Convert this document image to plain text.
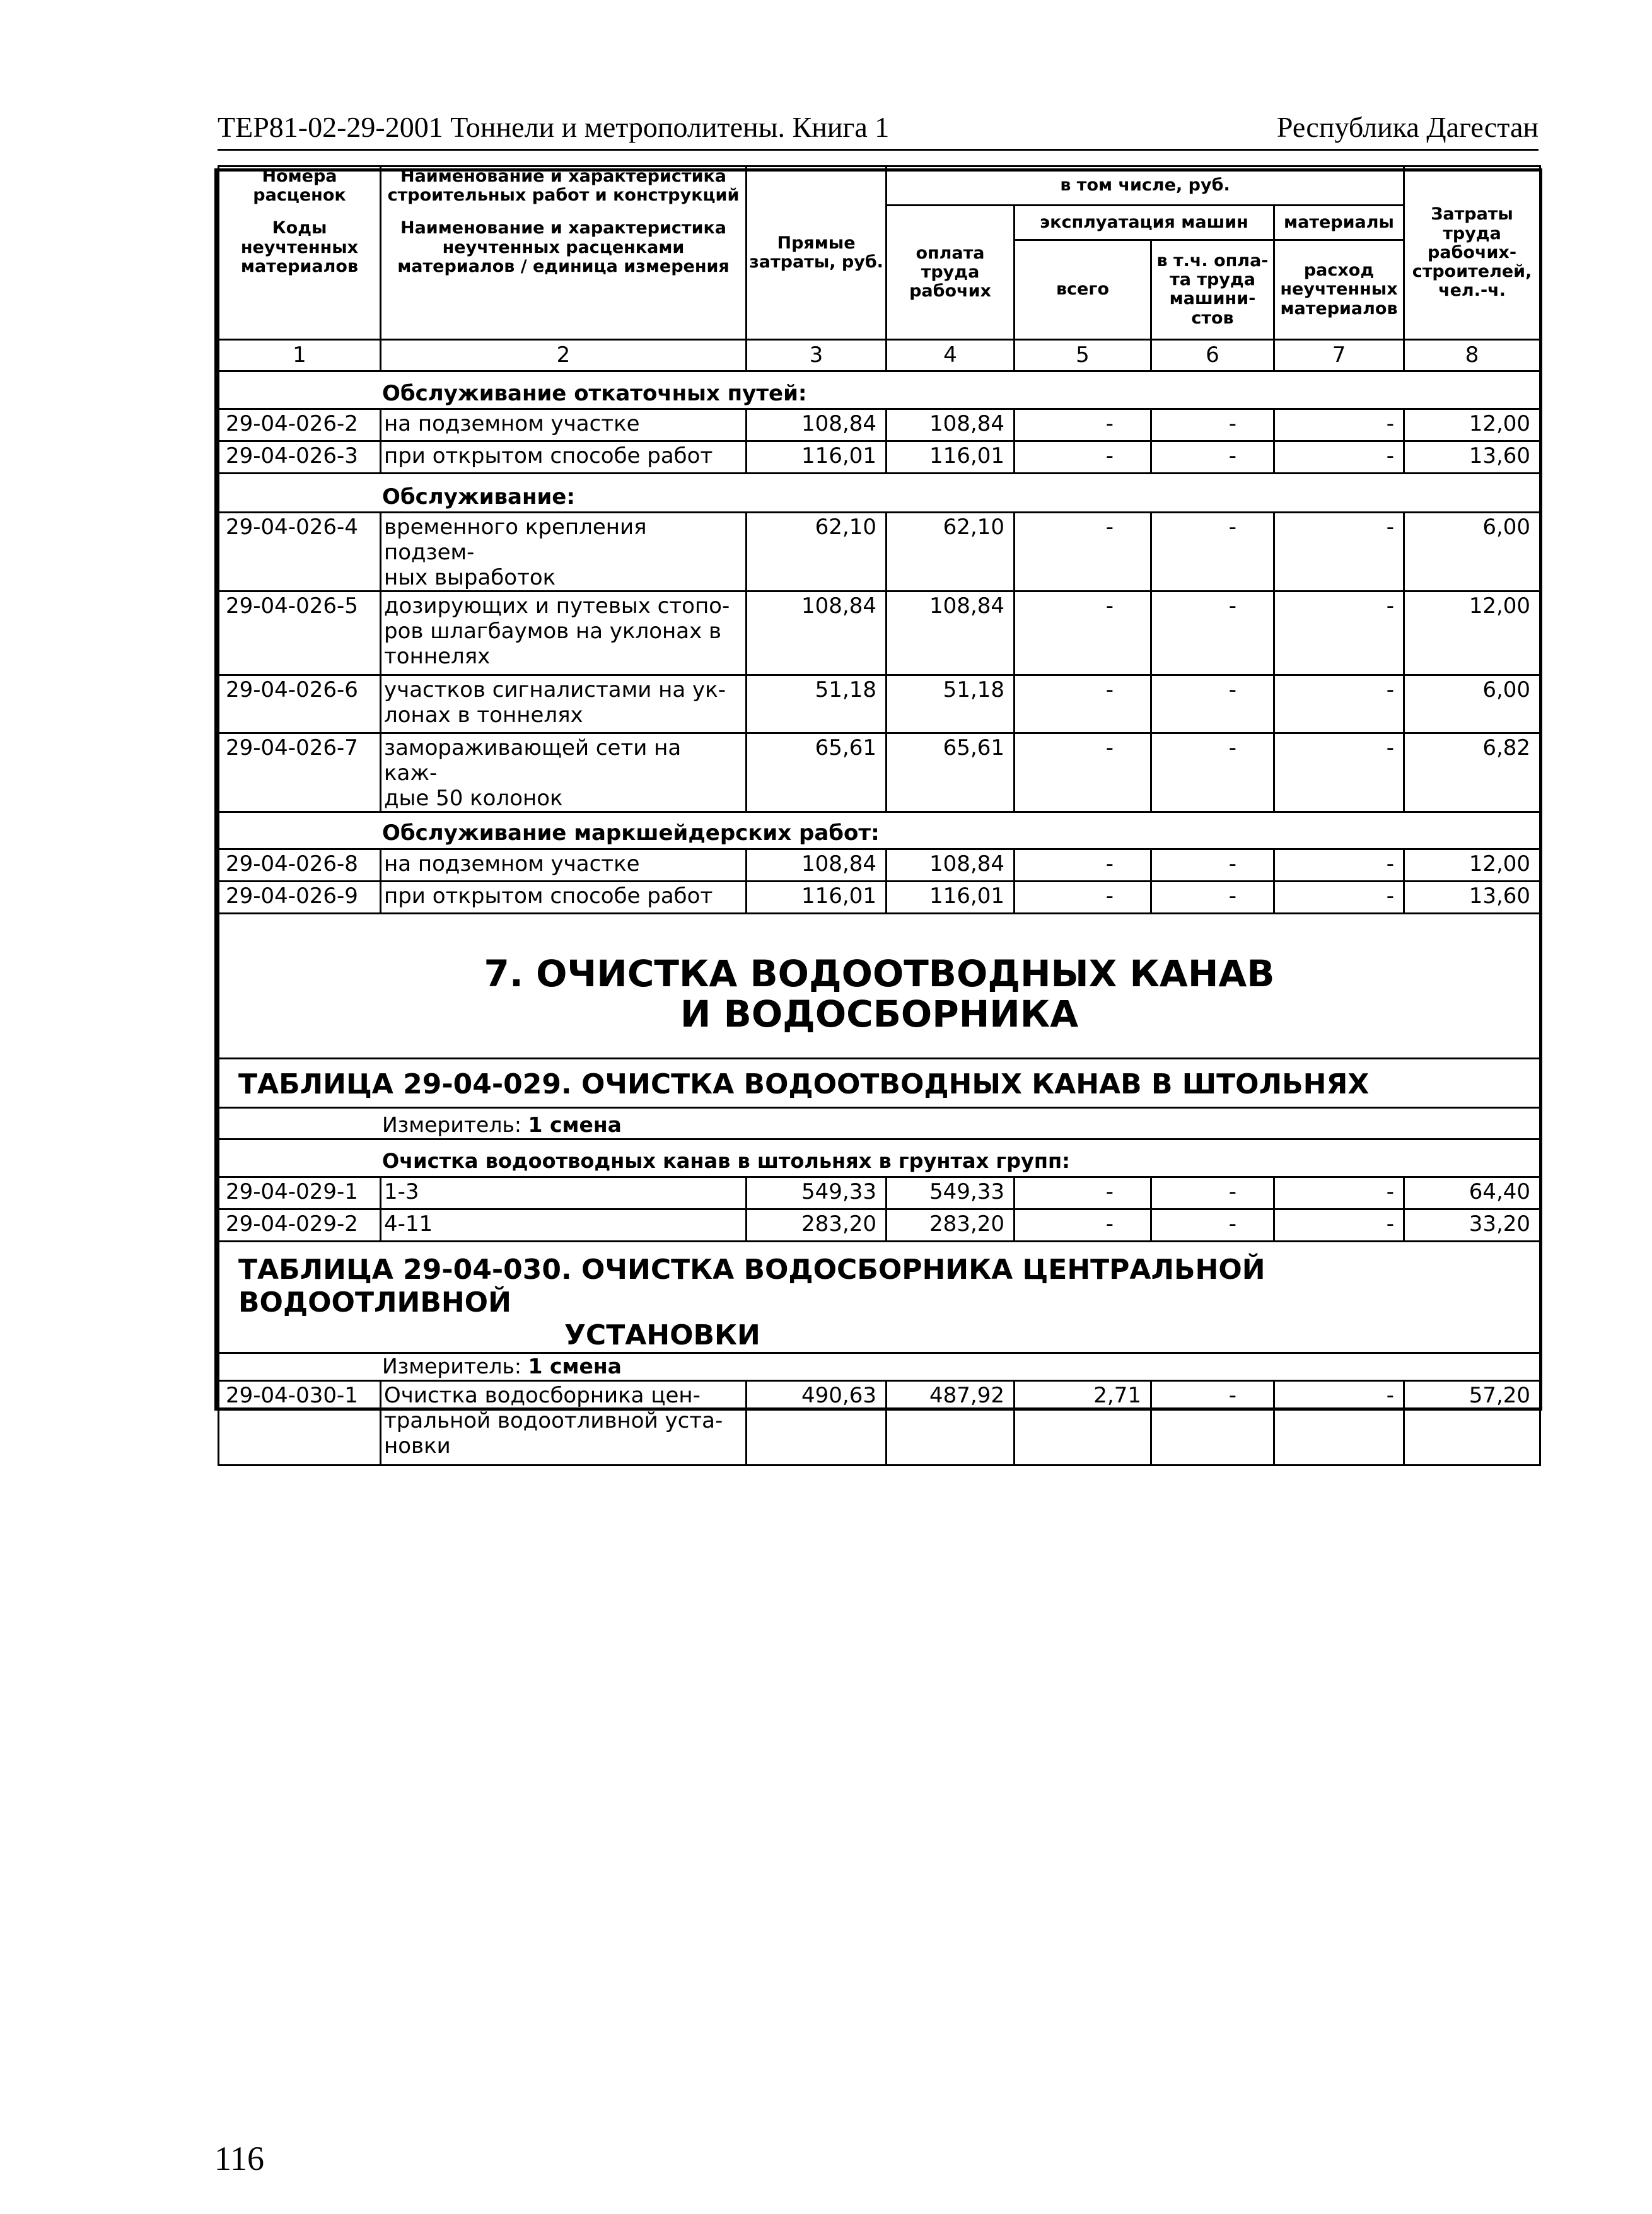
ТЕР81-02-29-2001 Тоннели и метрополитены. Книга 1	Республика Дагестан
Номера расценок	Наименование и характеристика строительных работ и конструкций	Прямые затраты, руб.	в том числе, руб.				Затраты труда рабочих-строителей, чел.-ч.
Коды неучтенных материалов	Наименование и характеристика неучтенных расценками материалов / единица измерения		оплата труда рабочих	эксплуатация машин		материалы	
				всего	в т.ч. опла-та труда машини-стов	расход неучтенных материалов	
1	2	3	4	5	6	7	8
Обслуживание откаточных путей:							
29-04-026-2	на подземном участке	108,84	108,84	-	-	-	12,00
29-04-026-3	при открытом способе работ	116,01	116,01	-	-	-	13,60
Обслуживание:							
29-04-026-4	временного крепления подзем-
ных выработок	62,10	62,10	-	-	-	6,00
29-04-026-5	дозирующих и путевых стопо-
ров шлагбаумов на уклонах в
тоннелях	108,84	108,84	-	-	-	12,00
29-04-026-6	участков сигналистами на ук-
лонах в тоннелях	51,18	51,18	-	-	-	6,00
29-04-026-7	замораживающей сети на каж-
дые 50 колонок	65,61	65,61	-	-	-	6,82
Обслуживание маркшейдерских работ:							
29-04-026-8	на подземном участке	108,84	108,84	-	-	-	12,00
29-04-026-9	при открытом способе работ	116,01	116,01	-	-	-	13,60

7. ОЧИСТКА ВОДООТВОДНЫХ КАНАВ
И ВОДОСБОРНИКА							

ТАБЛИЦА 29-04-029. ОЧИСТКА ВОДООТВОДНЫХ КАНАВ В ШТОЛЬНЯХ							
Измеритель: 1 смена							
Очистка водоотводных канав в штольнях в грунтах групп:							
29-04-029-1	1-3	549,33	549,33	-	-	-	64,40
29-04-029-2	4-11	283,20	283,20	-	-	-	33,20

ТАБЛИЦА 29-04-030. ОЧИСТКА ВОДОСБОРНИКА ЦЕНТРАЛЬНОЙ ВОДООТЛИВНОЙ
УСТАНОВКИ							

Измеритель: 1 смена							
29-04-030-1	Очистка водосборника цен-
тральной водоотливной уста-
новки	490,63	487,92	2,71	-	-	57,20
116
